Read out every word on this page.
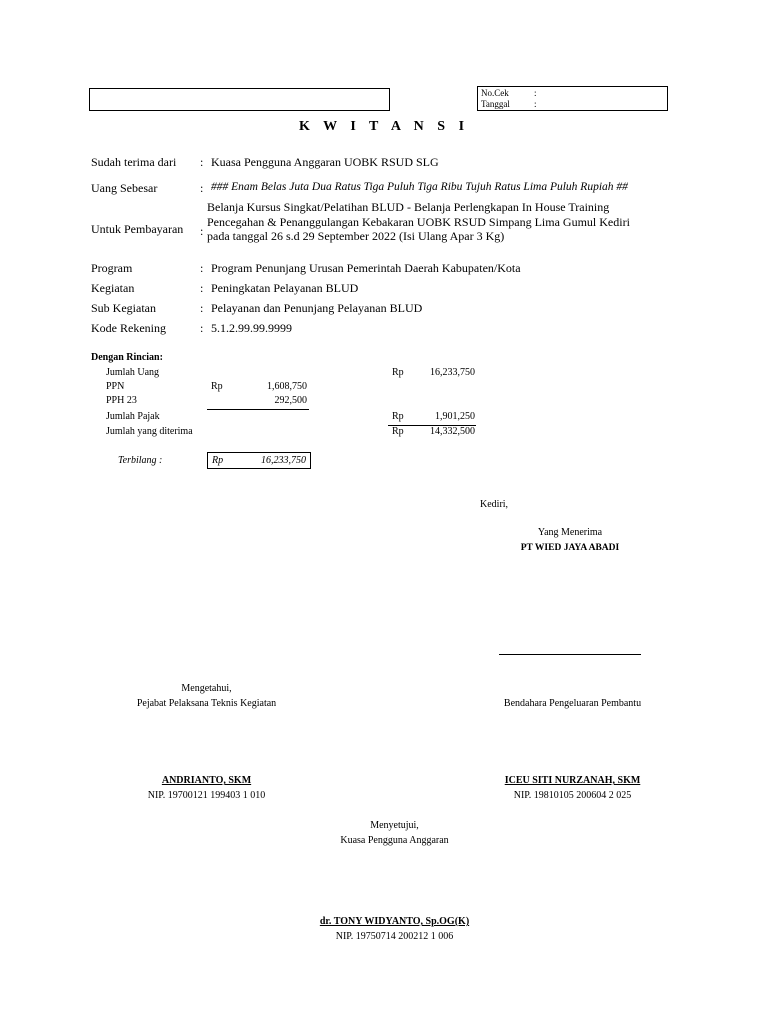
No.Cek	:
Tanggal	:
K W I T A N S I
Sudah terima dari : Kuasa Pengguna Anggaran UOBK RSUD SLG
Uang Sebesar	: ### Enam Belas Juta Dua Ratus Tiga Puluh Tiga Ribu Tujuh Ratus Lima Puluh Rupiah ##
Untuk Pembayaran :
Belanja Kursus Singkat/Pelatihan BLUD - Belanja Perlengkapan In House Training
Pencegahan & Penanggulangan Kebakaran UOBK RSUD Simpang Lima Gumul Kediri
pada tanggal 26 s.d 29 September 2022 (Isi Ulang Apar 3 Kg)
Program	: Program Penunjang Urusan Pemerintah Daerah Kabupaten/Kota
Kegiatan	: Peningkatan Pelayanan BLUD
Sub Kegiatan	: Pelayanan dan Penunjang Pelayanan BLUD
Kode Rekening	: 5.1.2.99.99.9999
Dengan Rincian:
Jumlah Uang	Rp	16,233,750
PPN	Rp	1,608,750
PPH 23	292,500
Jumlah Pajak	Rp	1,901,250
Jumlah yang diterima	Rp	14,332,500
Terbilang :	Rp	16,233,750
Kediri,
Yang Menerima
PT WIED JAYA ABADI
Mengetahui,
Pejabat Pelaksana Teknis Kegiatan
ANDRIANTO, SKM
NIP. 19700121 199403 1 010
Bendahara Pengeluaran Pembantu
ICEU SITI NURZANAH, SKM
NIP. 19810105 200604 2 025
Menyetujui,
Kuasa Pengguna Anggaran
dr. TONY WIDYANTO, Sp.OG(K)
NIP. 19750714 200212 1 006
